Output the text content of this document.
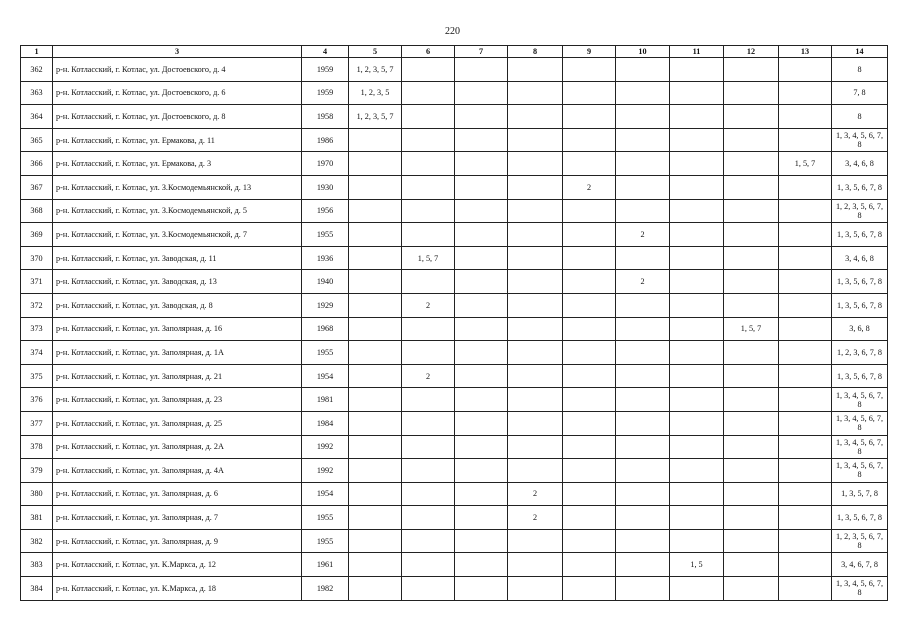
220
1	3	4	5	6	7	8	9	10	11	12	13	14
362	р-н. Котласский, г. Котлас, ул. Достоевского, д. 4	1959	1, 2, 3, 5, 7									8
363	р-н. Котласский, г. Котлас, ул. Достоевского, д. 6	1959	1, 2, 3, 5									7, 8
364	р-н. Котласский, г. Котлас, ул. Достоевского, д. 8	1958	1, 2, 3, 5, 7									8
365	р-н. Котласский, г. Котлас, ул. Ермакова, д. 11	1986										1, 3, 4, 5, 6, 7, 8
366	р-н. Котласский, г. Котлас, ул. Ермакова, д. 3	1970									1, 5, 7	3, 4, 6, 8
367	р-н. Котласский, г. Котлас, ул. З.Космодемьянской, д. 13	1930					2					1, 3, 5, 6, 7, 8
368	р-н. Котласский, г. Котлас, ул. З.Космодемьянской, д. 5	1956										1, 2, 3, 5, 6, 7, 8
369	р-н. Котласский, г. Котлас, ул. З.Космодемьянской, д. 7	1955						2				1, 3, 5, 6, 7, 8
370	р-н. Котласский, г. Котлас, ул. Заводская, д. 11	1936		1, 5, 7								3, 4, 6, 8
371	р-н. Котласский, г. Котлас, ул. Заводская, д. 13	1940						2				1, 3, 5, 6, 7, 8
372	р-н. Котласский, г. Котлас, ул. Заводская, д. 8	1929		2								1, 3, 5, 6, 7, 8
373	р-н. Котласский, г. Котлас, ул. Заполярная, д. 16	1968								1, 5, 7		3, 6, 8
374	р-н. Котласский, г. Котлас, ул. Заполярная, д. 1А	1955										1, 2, 3, 6, 7, 8
375	р-н. Котласский, г. Котлас, ул. Заполярная, д. 21	1954		2								1, 3, 5, 6, 7, 8
376	р-н. Котласский, г. Котлас, ул. Заполярная, д. 23	1981										1, 3, 4, 5, 6, 7, 8
377	р-н. Котласский, г. Котлас, ул. Заполярная, д. 25	1984										1, 3, 4, 5, 6, 7, 8
378	р-н. Котласский, г. Котлас, ул. Заполярная, д. 2А	1992										1, 3, 4, 5, 6, 7, 8
379	р-н. Котласский, г. Котлас, ул. Заполярная, д. 4А	1992										1, 3, 4, 5, 6, 7, 8
380	р-н. Котласский, г. Котлас, ул. Заполярная, д. 6	1954				2						1, 3, 5, 7, 8
381	р-н. Котласский, г. Котлас, ул. Заполярная, д. 7	1955				2						1, 3, 5, 6, 7, 8
382	р-н. Котласский, г. Котлас, ул. Заполярная, д. 9	1955										1, 2, 3, 5, 6, 7, 8
383	р-н. Котласский, г. Котлас, ул. К.Маркса, д. 12	1961							1, 5			3, 4, 6, 7, 8
384	р-н. Котласский, г. Котлас, ул. К.Маркса, д. 18	1982										1, 3, 4, 5, 6, 7, 8
